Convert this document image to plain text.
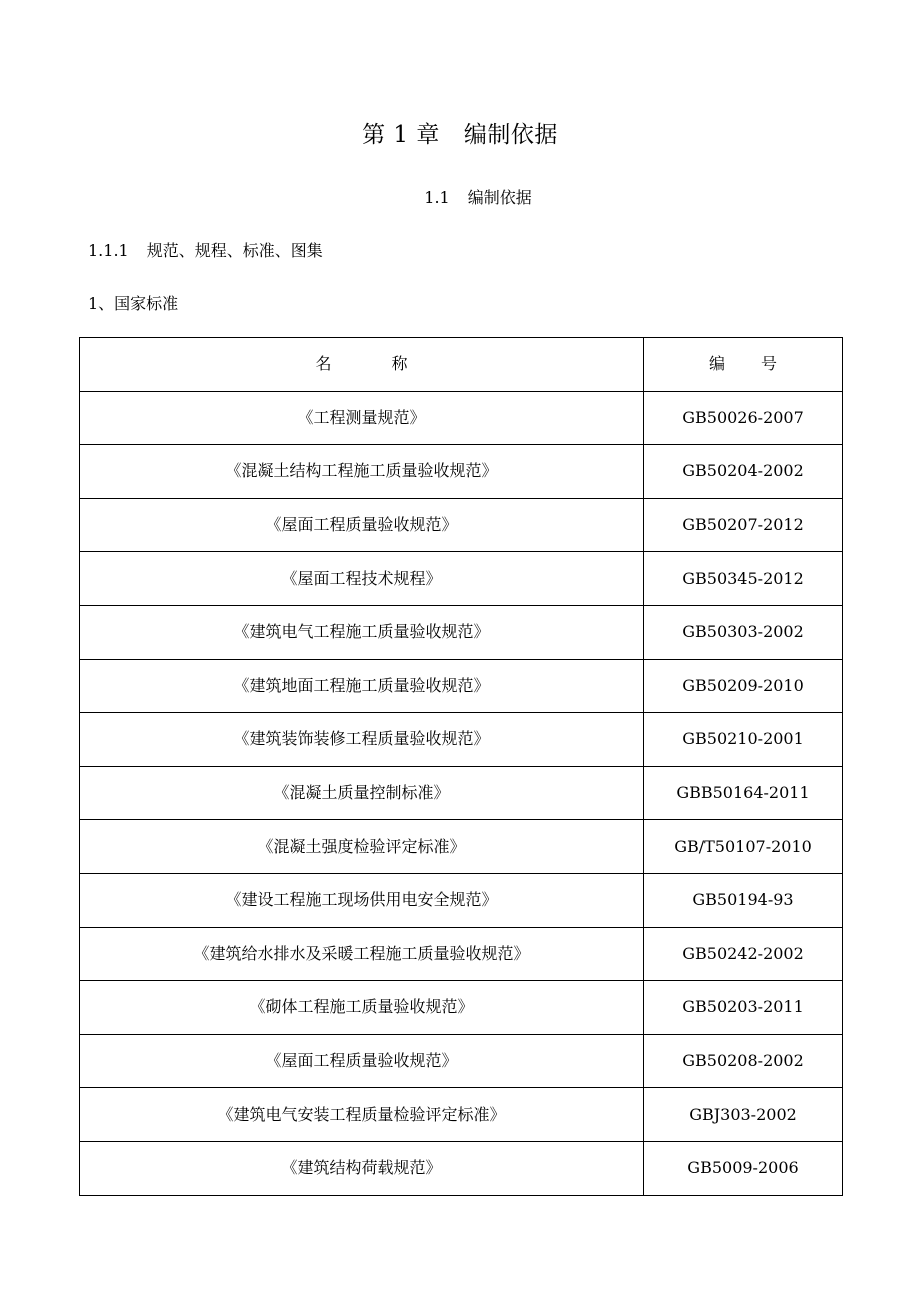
第 1 章 编制依据
1.1 编制依据
1.1.1 规范、规程、标准、图集
1、国家标准
名称	编号
《工程测量规范》	GB50026-2007
《混凝土结构工程施工质量验收规范》	GB50204-2002
《屋面工程质量验收规范》	GB50207-2012
《屋面工程技术规程》	GB50345-2012
《建筑电气工程施工质量验收规范》	GB50303-2002
《建筑地面工程施工质量验收规范》	GB50209-2010
《建筑装饰装修工程质量验收规范》	GB50210-2001
《混凝土质量控制标准》	GBB50164-2011
《混凝土强度检验评定标准》	GB/T50107-2010
《建设工程施工现场供用电安全规范》	GB50194-93
《建筑给水排水及采暖工程施工质量验收规范》	GB50242-2002
《砌体工程施工质量验收规范》	GB50203-2011
《屋面工程质量验收规范》	GB50208-2002
《建筑电气安装工程质量检验评定标准》	GBJ303-2002
《建筑结构荷载规范》	GB5009-2006
